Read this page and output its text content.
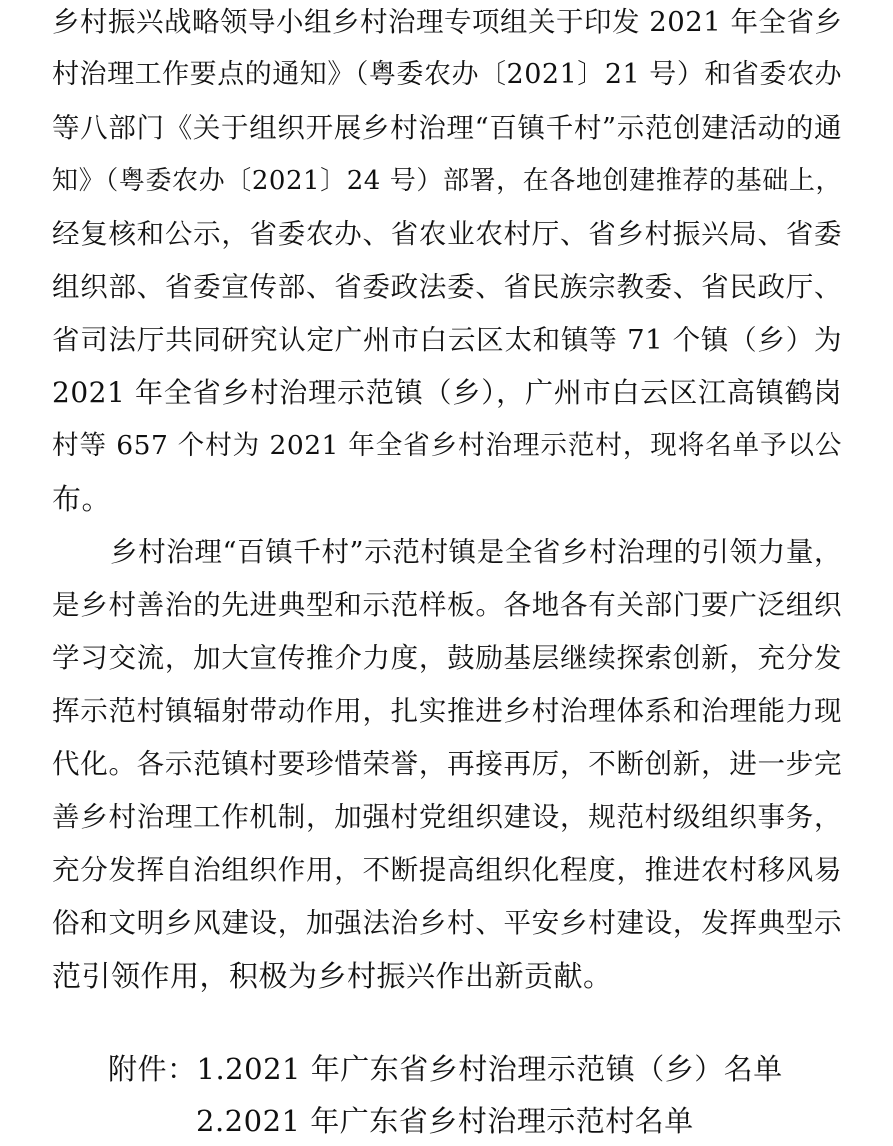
乡村振兴战略领导小组乡村治理专项组关于印发 2021 年全省乡
村治理工作要点的通知》（粤委农办〔2021〕21 号）和省委农办
等八部门《关于组织开展乡村治理“百镇千村”示范创建活动的通
知》（粤委农办〔2021〕24 号）部署，在各地创建推荐的基础上，
经复核和公示，省委农办、省农业农村厅、省乡村振兴局、省委
组织部、省委宣传部、省委政法委、省民族宗教委、省民政厅、
省司法厅共同研究认定广州市白云区太和镇等 71 个镇（乡）为
2021 年全省乡村治理示范镇（乡），广州市白云区江高镇鹤岗
村等 657 个村为 2021 年全省乡村治理示范村，现将名单予以公
布。
乡村治理“百镇千村”示范村镇是全省乡村治理的引领力量，
是乡村善治的先进典型和示范样板。各地各有关部门要广泛组织
学习交流，加大宣传推介力度，鼓励基层继续探索创新，充分发
挥示范村镇辐射带动作用，扎实推进乡村治理体系和治理能力现
代化。各示范镇村要珍惜荣誉，再接再厉，不断创新，进一步完
善乡村治理工作机制，加强村党组织建设，规范村级组织事务，
充分发挥自治组织作用，不断提高组织化程度，推进农村移风易
俗和文明乡风建设，加强法治乡村、平安乡村建设，发挥典型示
范引领作用，积极为乡村振兴作出新贡献。
附件：1.2021 年广东省乡村治理示范镇（乡）名单
2.2021 年广东省乡村治理示范村名单
